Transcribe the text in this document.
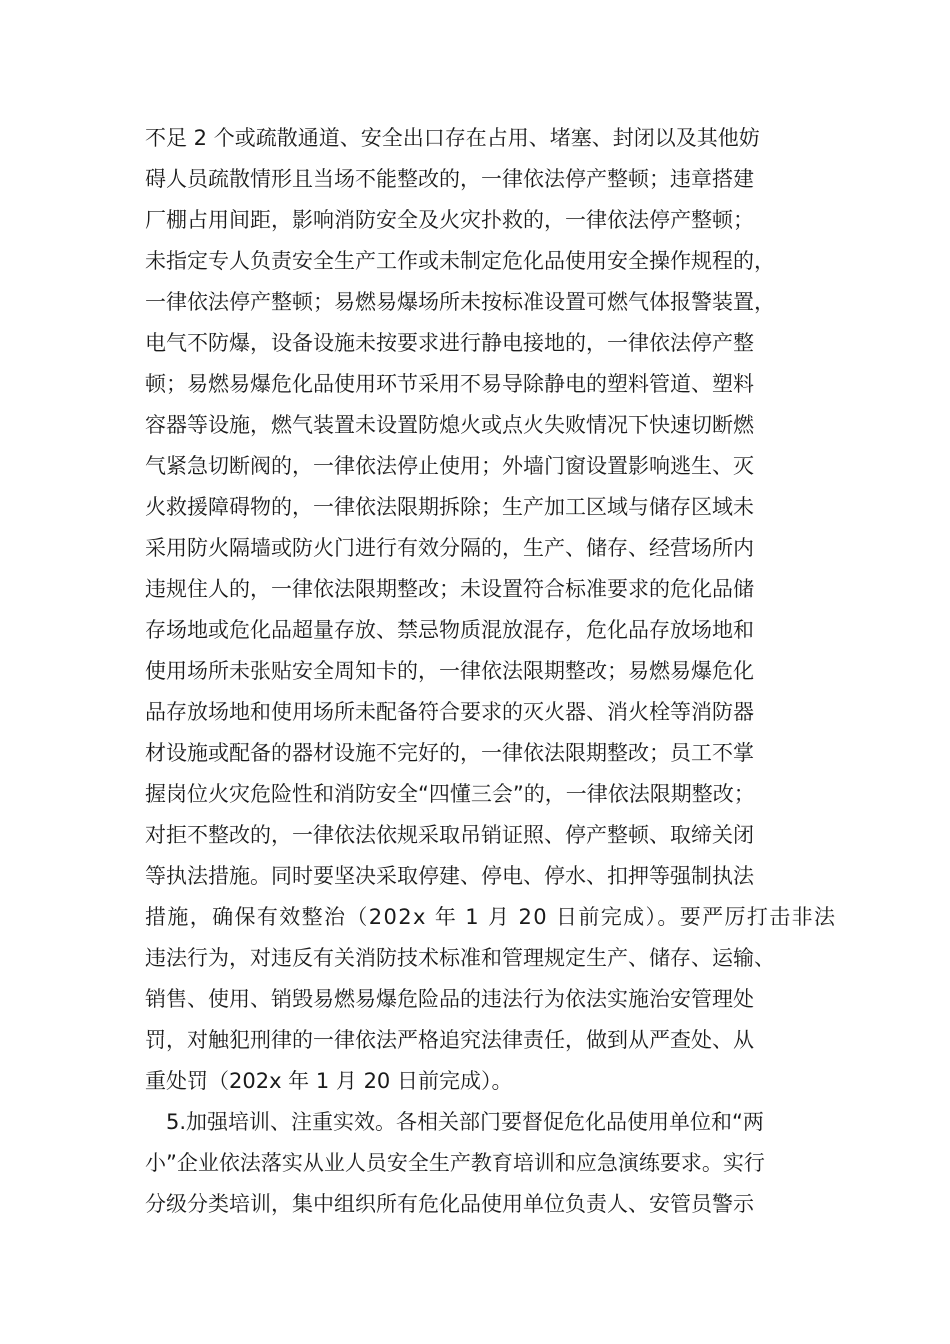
不足 2 个或疏散通道、安全出口存在占用、堵塞、封闭以及其他妨
碍人员疏散情形且当场不能整改的，一律依法停产整顿；违章搭建
厂棚占用间距，影响消防安全及火灾扑救的，一律依法停产整顿；
未指定专人负责安全生产工作或未制定危化品使用安全操作规程的，
一律依法停产整顿；易燃易爆场所未按标准设置可燃气体报警装置，
电气不防爆，设备设施未按要求进行静电接地的，一律依法停产整
顿；易燃易爆危化品使用环节采用不易导除静电的塑料管道、塑料
容器等设施，燃气装置未设置防熄火或点火失败情况下快速切断燃
气紧急切断阀的，一律依法停止使用；外墙门窗设置影响逃生、灭
火救援障碍物的，一律依法限期拆除；生产加工区域与储存区域未
采用防火隔墙或防火门进行有效分隔的，生产、储存、经营场所内
违规住人的，一律依法限期整改；未设置符合标准要求的危化品储
存场地或危化品超量存放、禁忌物质混放混存，危化品存放场地和
使用场所未张贴安全周知卡的，一律依法限期整改；易燃易爆危化
品存放场地和使用场所未配备符合要求的灭火器、消火栓等消防器
材设施或配备的器材设施不完好的，一律依法限期整改；员工不掌
握岗位火灾危险性和消防安全“四懂三会”的，一律依法限期整改；
对拒不整改的，一律依法依规采取吊销证照、停产整顿、取缔关闭
等执法措施。同时要坚决采取停建、停电、停水、扣押等强制执法
措施，确保有效整治（202x 年 1 月 20 日前完成）。要严厉打击非法
违法行为，对违反有关消防技术标准和管理规定生产、储存、运输、
销售、使用、销毁易燃易爆危险品的违法行为依法实施治安管理处
罚，对触犯刑律的一律依法严格追究法律责任，做到从严查处、从
重处罚（202x 年 1 月 20 日前完成）。
5.加强培训、注重实效。各相关部门要督促危化品使用单位和“两
小”企业依法落实从业人员安全生产教育培训和应急演练要求。实行
分级分类培训，集中组织所有危化品使用单位负责人、安管员警示
